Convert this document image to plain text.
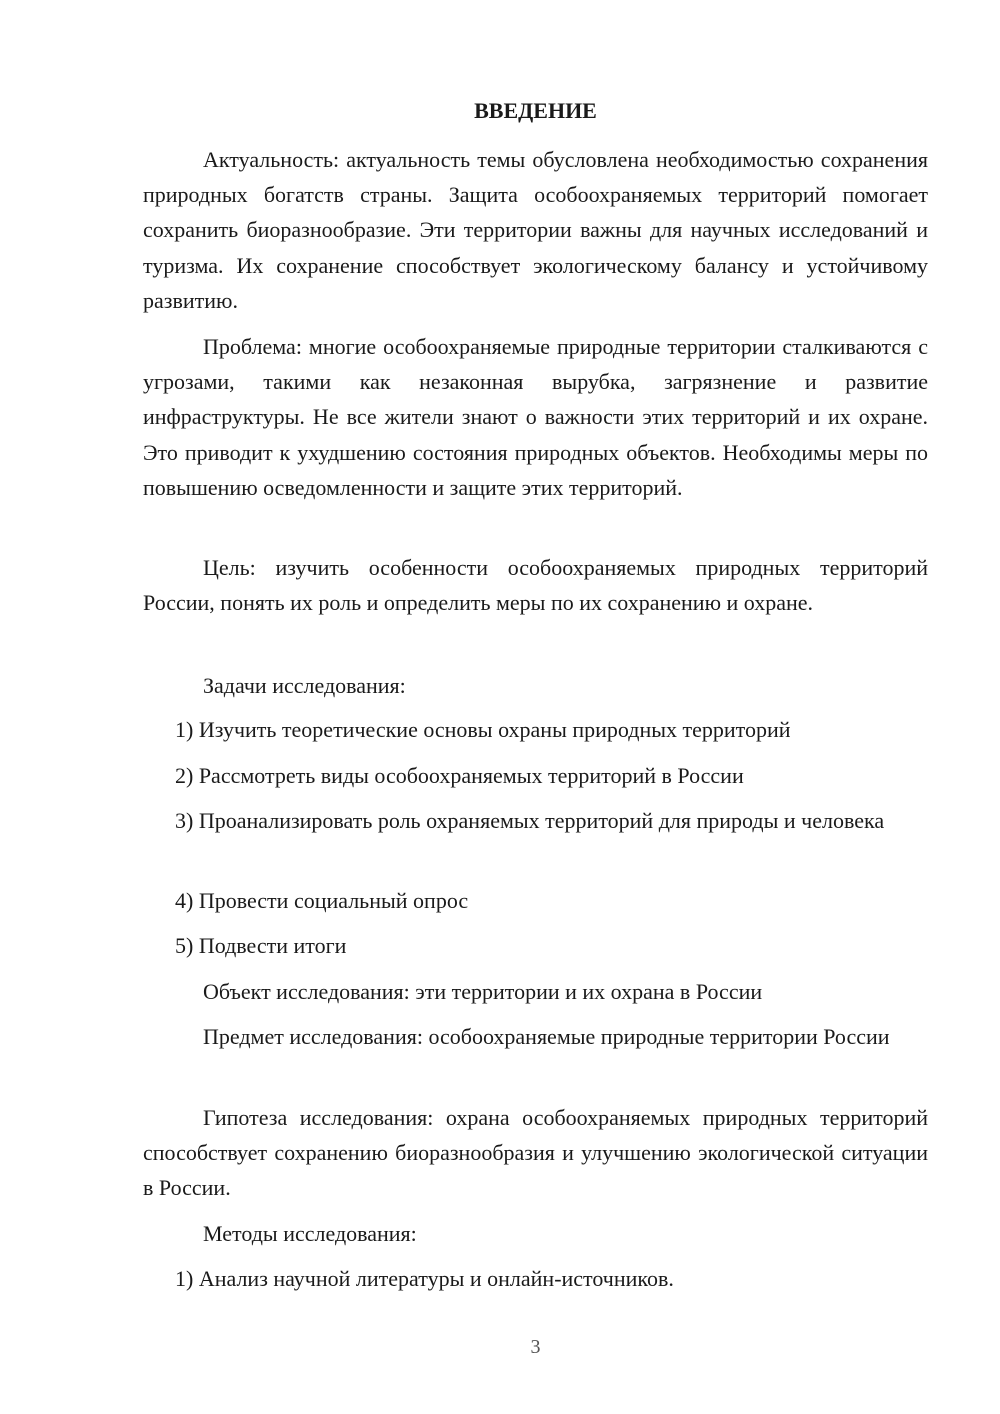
ВВЕДЕНИЕ

Актуальность: актуальность темы обусловлена необходимостью сохранения природных богатств страны. Защита особоохраняемых территорий помогает сохранить биоразнообразие. Эти территории важны для научных исследований и туризма. Их сохранение способствует экологическому балансу и устойчивому развитию.

Проблема: многие особоохраняемые природные территории сталкиваются с угрозами, такими как незаконная вырубка, загрязнение и развитие инфраструктуры. Не все жители знают о важности этих территорий и их охране. Это приводит к ухудшению состояния природных объектов. Необходимы меры по повышению осведомленности и защите этих территорий.

Цель: изучить особенности особоохраняемых природных территорий России, понять их роль и определить меры по их сохранению и охране.

Задачи исследования:

1) Изучить теоретические основы охраны природных территорий

2) Рассмотреть виды особоохраняемых территорий в России

3) Проанализировать роль охраняемых территорий для природы и человека

4) Провести социальный опрос

5) Подвести итоги

Объект исследования: эти территории и их охрана в России

Предмет исследования: особоохраняемые природные территории России

Гипотеза исследования: охрана особоохраняемых природных территорий способствует сохранению биоразнообразия и улучшению экологической ситуации в России.

Методы исследования:

1) Анализ научной литературы и онлайн-источников.

3
